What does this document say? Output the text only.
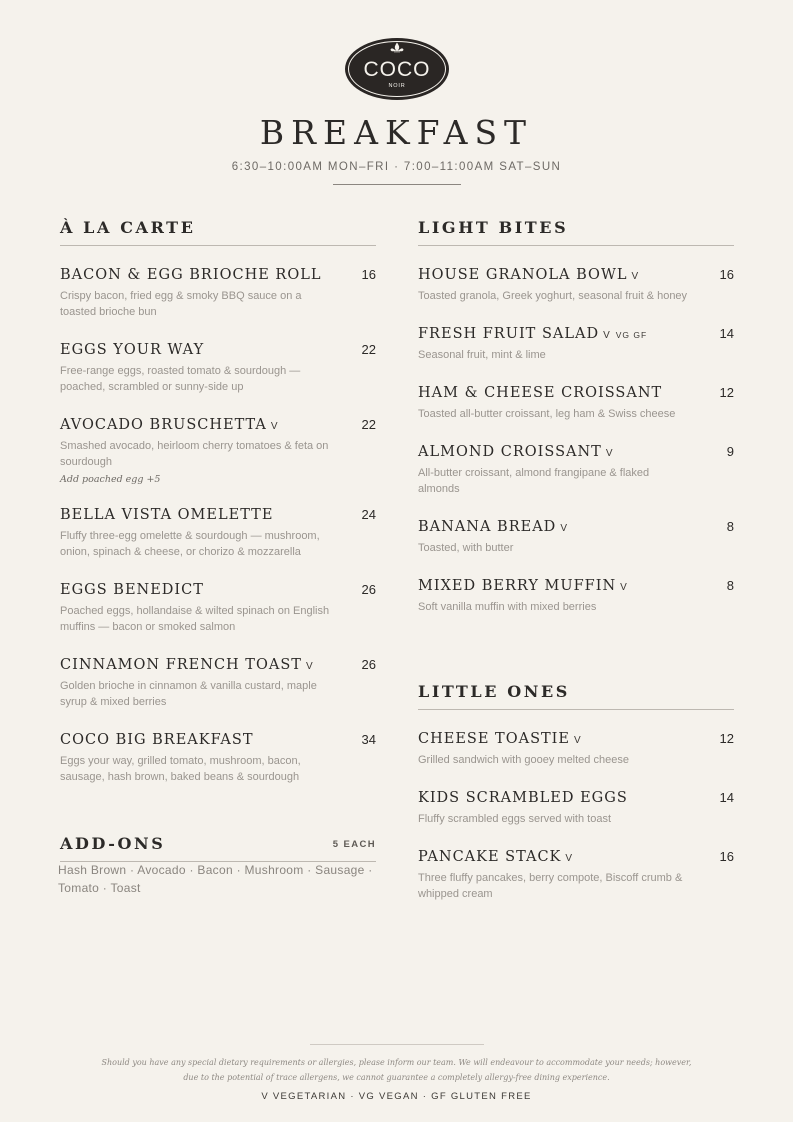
COCO
NOIR
BREAKFAST
6:30–10:00AM MON–FRI · 7:00–11:00AM SAT–SUN
À LA CARTE
BACON & EGG BRIOCHE ROLL	16
Crispy bacon, fried egg & smoky BBQ sauce on a toasted brioche bun
EGGS YOUR WAY	22
Free-range eggs, roasted tomato & sourdough — poached, scrambled or sunny-side up
AVOCADO BRUSCHETTA V	22
Smashed avocado, heirloom cherry tomatoes & feta on sourdough
Add poached egg +5
BELLA VISTA OMELETTE	24
Fluffy three-egg omelette & sourdough — mushroom, onion, spinach & cheese, or chorizo & mozzarella
EGGS BENEDICT	26
Poached eggs, hollandaise & wilted spinach on English muffins — bacon or smoked salmon
CINNAMON FRENCH TOAST V	26
Golden brioche in cinnamon & vanilla custard, maple syrup & mixed berries
COCO BIG BREAKFAST	34
Eggs your way, grilled tomato, mushroom, bacon, sausage, hash brown, baked beans & sourdough
ADD-ONS	5 EACH
Hash Brown · Avocado · Bacon · Mushroom · Sausage · Tomato · Toast
LIGHT BITES
HOUSE GRANOLA BOWL V	16
Toasted granola, Greek yoghurt, seasonal fruit & honey
FRESH FRUIT SALAD V VG GF	14
Seasonal fruit, mint & lime
HAM & CHEESE CROISSANT	12
Toasted all-butter croissant, leg ham & Swiss cheese
ALMOND CROISSANT V	9
All-butter croissant, almond frangipane & flaked almonds
BANANA BREAD V	8
Toasted, with butter
MIXED BERRY MUFFIN V	8
Soft vanilla muffin with mixed berries
LITTLE ONES
CHEESE TOASTIE V	12
Grilled sandwich with gooey melted cheese
KIDS SCRAMBLED EGGS	14
Fluffy scrambled eggs served with toast
PANCAKE STACK V	16
Three fluffy pancakes, berry compote, Biscoff crumb & whipped cream

Should you have any special dietary requirements or allergies, please inform our team. We will endeavour to accommodate your needs; however, due to the potential of trace allergens, we cannot guarantee a completely allergy-free dining experience.

V VEGETARIAN · VG VEGAN · GF GLUTEN FREE
